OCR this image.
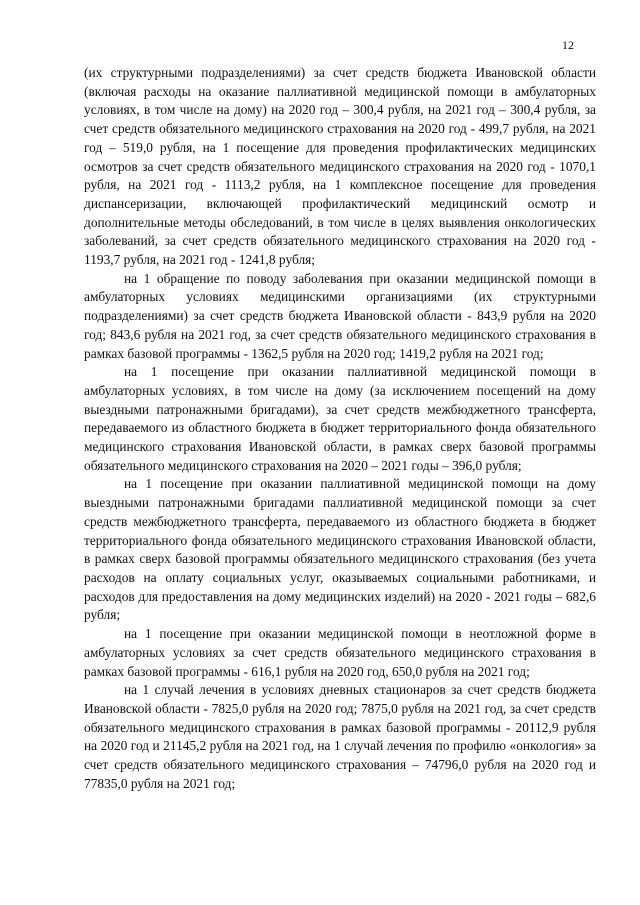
12

(их структурными подразделениями) за счет средств бюджета Ивановской области (включая расходы на оказание паллиативной медицинской помощи в амбулаторных условиях, в том числе на дому) на 2020 год – 300,4 рубля, на 2021 год – 300,4 рубля, за счет средств обязательного медицинского страхования на 2020 год - 499,7 рубля, на 2021 год – 519,0 рубля, на 1 посещение для проведения профилактических медицинских осмотров за счет средств обязательного медицинского страхования на 2020 год - 1070,1 рубля, на 2021 год - 1113,2 рубля, на 1 комплексное посещение для проведения диспансеризации, включающей профилактический медицинский осмотр и дополнительные методы обследований, в том числе в целях выявления онкологических заболеваний, за счет средств обязательного медицинского страхования на 2020 год - 1193,7 рубля, на 2021 год - 1241,8 рубля;

на 1 обращение по поводу заболевания при оказании медицинской помощи в амбулаторных условиях медицинскими организациями (их структурными подразделениями) за счет средств бюджета Ивановской области - 843,9 рубля на 2020 год; 843,6 рубля на 2021 год, за счет средств обязательного медицинского страхования в рамках базовой программы - 1362,5 рубля на 2020 год; 1419,2 рубля на 2021 год;

на 1 посещение при оказании паллиативной медицинской помощи в амбулаторных условиях, в том числе на дому (за исключением посещений на дому выездными патронажными бригадами), за счет средств межбюджетного трансферта, передаваемого из областного бюджета в бюджет территориального фонда обязательного медицинского страхования Ивановской области, в рамках сверх базовой программы обязательного медицинского страхования на 2020 – 2021 годы – 396,0 рубля;

на 1 посещение при оказании паллиативной медицинской помощи на дому выездными патронажными бригадами паллиативной медицинской помощи за счет средств межбюджетного трансферта, передаваемого из областного бюджета в бюджет территориального фонда обязательного медицинского страхования Ивановской области, в рамках сверх базовой программы обязательного медицинского страхования (без учета расходов на оплату социальных услуг, оказываемых социальными работниками, и расходов для предоставления на дому медицинских изделий) на 2020 - 2021 годы – 682,6 рубля;

на 1 посещение при оказании медицинской помощи в неотложной форме в амбулаторных условиях за счет средств обязательного медицинского страхования в рамках базовой программы - 616,1 рубля на 2020 год, 650,0 рубля на 2021 год;

на 1 случай лечения в условиях дневных стационаров за счет средств бюджета Ивановской области - 7825,0 рубля на 2020 год; 7875,0 рубля на 2021 год, за счет средств обязательного медицинского страхования в рамках базовой программы - 20112,9 рубля на 2020 год и 21145,2 рубля на 2021 год, на 1 случай лечения по профилю «онкология» за счет средств обязательного медицинского страхования – 74796,0 рубля на 2020 год и 77835,0 рубля на 2021 год;
